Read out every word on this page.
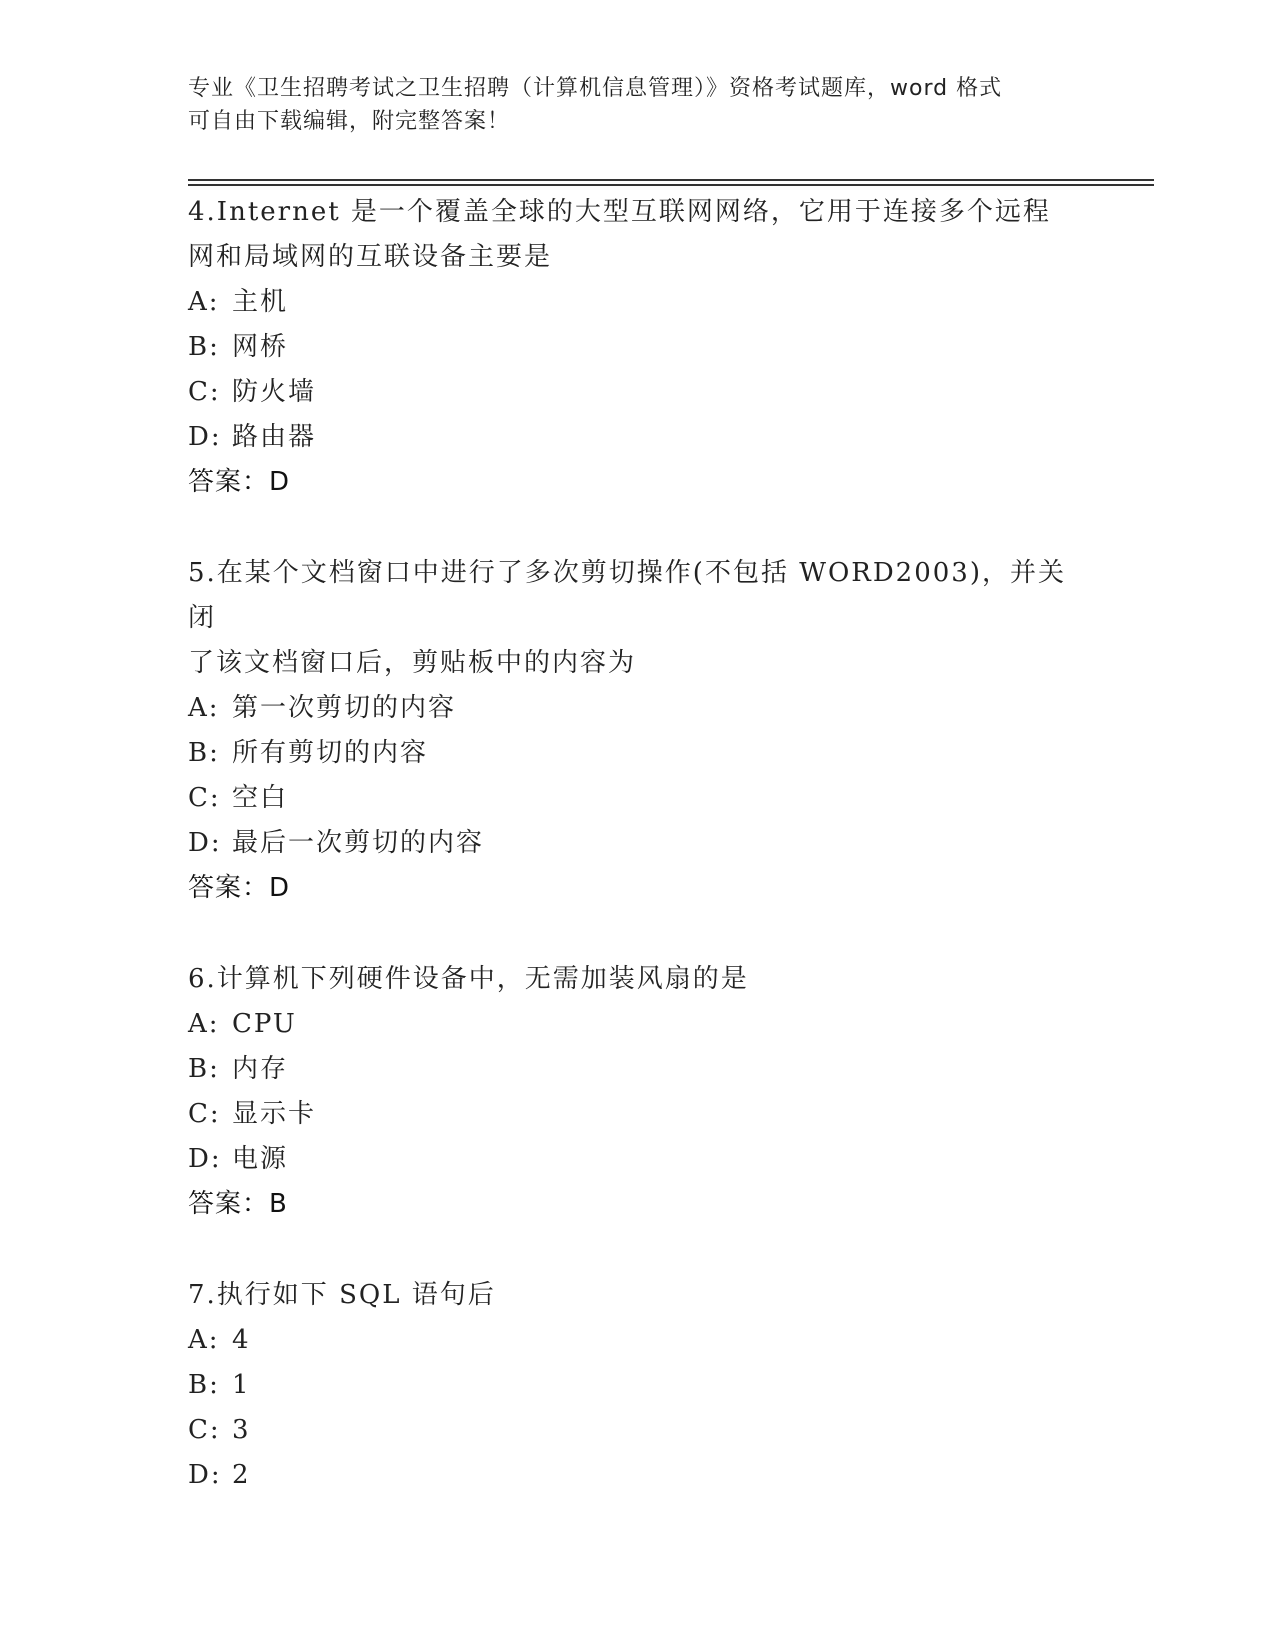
专业《卫生招聘考试之卫生招聘（计算机信息管理）》资格考试题库，word 格式
可自由下载编辑，附完整答案！
4.Internet 是一个覆盖全球的大型互联网网络，它用于连接多个远程
网和局域网的互联设备主要是
A: 主机
B: 网桥
C: 防火墙
D: 路由器
答案：D
5.在某个文档窗口中进行了多次剪切操作(不包括 WORD2003)，并关闭
了该文档窗口后，剪贴板中的内容为
A: 第一次剪切的内容
B: 所有剪切的内容
C: 空白
D: 最后一次剪切的内容
答案：D
6.计算机下列硬件设备中，无需加装风扇的是
A: CPU
B: 内存
C: 显示卡
D: 电源
答案：B
7.执行如下 SQL 语句后
A: 4
B: 1
C: 3
D: 2
